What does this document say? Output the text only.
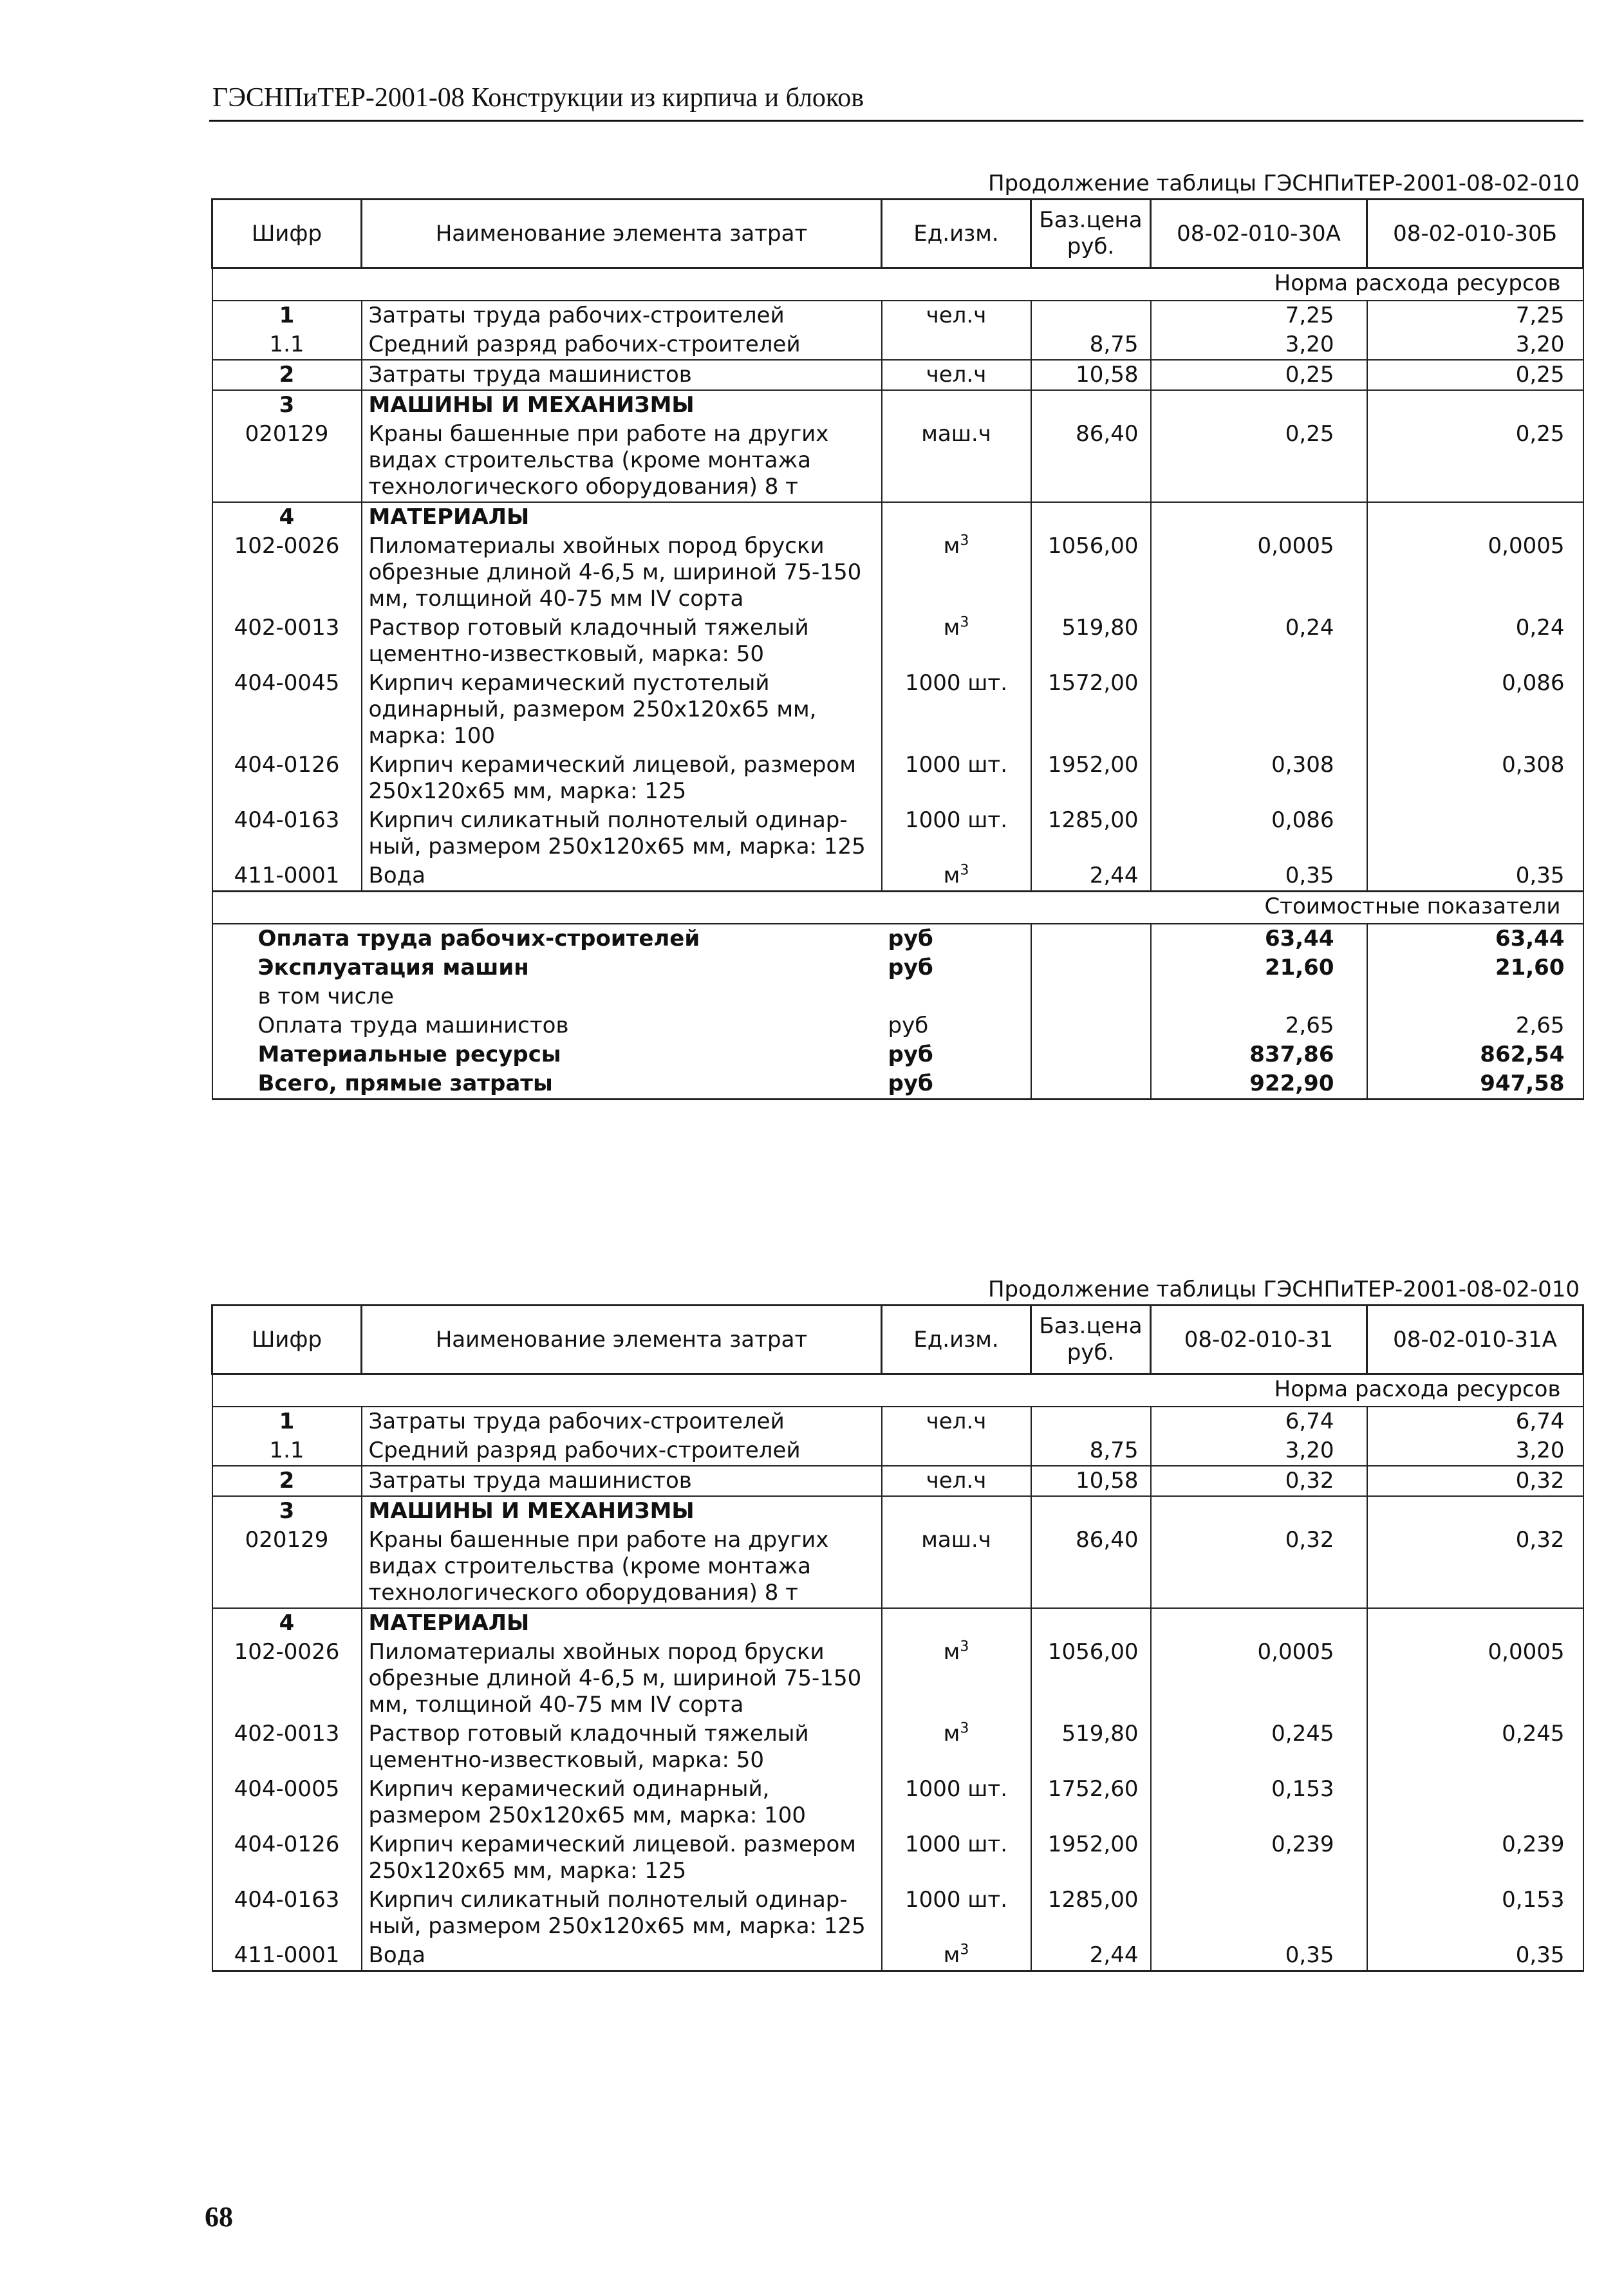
ГЭСНПиТЕР-2001-08 Конструкции из кирпича и блоков
Продолжение таблицы ГЭСНПиТЕР-2001-08-02-010
Шифр	Наименование элемента затрат	Ед.изм.	Баз.цена руб.	08-02-010-30А	08-02-010-30Б
Норма расхода ресурсов					
1	Затраты труда рабочих-строителей	чел.ч		7,25	7,25
1.1	Средний разряд рабочих-строителей		8,75	3,20	3,20
2	Затраты труда машинистов	чел.ч	10,58	0,25	0,25
3	МАШИНЫ И МЕХАНИЗМЫ				
020129	Краны башенные при работе на других видах строительства (кроме монтажа технологического оборудования) 8 т	маш.ч	86,40	0,25	0,25
4	МАТЕРИАЛЫ				
102-0026	Пиломатериалы хвойных пород бруски обрезные длиной 4-6,5 м, шириной 75-150 мм, толщиной 40-75 мм IV сорта	$м^3$	1056,00	0,0005	0,0005
402-0013	Раствор готовый кладочный тяжелый цементно-известковый, марка: 50	$м^3$	519,80	0,24	0,24
404-0045	Кирпич керамический пустотелый одинарный, размером 250x120x65 мм, марка: 100	1000 шт.	1572,00		0,086
404-0126	Кирпич керамический лицевой, размером 250x120x65 мм, марка: 125	1000 шт.	1952,00	0,308	0,308
404-0163	Кирпич силикатный полнотелый одинар-ный, размером 250x120x65 мм, марка: 125	1000 шт.	1285,00	0,086	
411-0001	Вода	$м^3$	2,44	0,35	0,35
Стоимостные показатели					
Оплата труда рабочих-строителей		руб		63,44	63,44
Эксплуатация машин		руб		21,60	21,60
в том числе					
Оплата труда машинистов		руб		2,65	2,65
Материальные ресурсы		руб		837,86	862,54
Всего, прямые затраты		руб		922,90	947,58
Продолжение таблицы ГЭСНПиТЕР-2001-08-02-010
Шифр	Наименование элемента затрат	Ед.изм.	Баз.цена руб.	08-02-010-31	08-02-010-31А
Норма расхода ресурсов					
1	Затраты труда рабочих-строителей	чел.ч		6,74	6,74
1.1	Средний разряд рабочих-строителей		8,75	3,20	3,20
2	Затраты труда машинистов	чел.ч	10,58	0,32	0,32
3	МАШИНЫ И МЕХАНИЗМЫ				
020129	Краны башенные при работе на других видах строительства (кроме монтажа технологического оборудования) 8 т	маш.ч	86,40	0,32	0,32
4	МАТЕРИАЛЫ				
102-0026	Пиломатериалы хвойных пород бруски обрезные длиной 4-6,5 м, шириной 75-150 мм, толщиной 40-75 мм IV сорта	$м^3$	1056,00	0,0005	0,0005
402-0013	Раствор готовый кладочный тяжелый цементно-известковый, марка: 50	$м^3$	519,80	0,245	0,245
404-0005	Кирпич керамический одинарный, размером 250x120x65 мм, марка: 100	1000 шт.	1752,60	0,153	
404-0126	Кирпич керамический лицевой. размером 250x120x65 мм, марка: 125	1000 шт.	1952,00	0,239	0,239
404-0163	Кирпич силикатный полнотелый одинар-ный, размером 250x120x65 мм, марка: 125	1000 шт.	1285,00		0,153
411-0001	Вода	$м^3$	2,44	0,35	0,35
68
